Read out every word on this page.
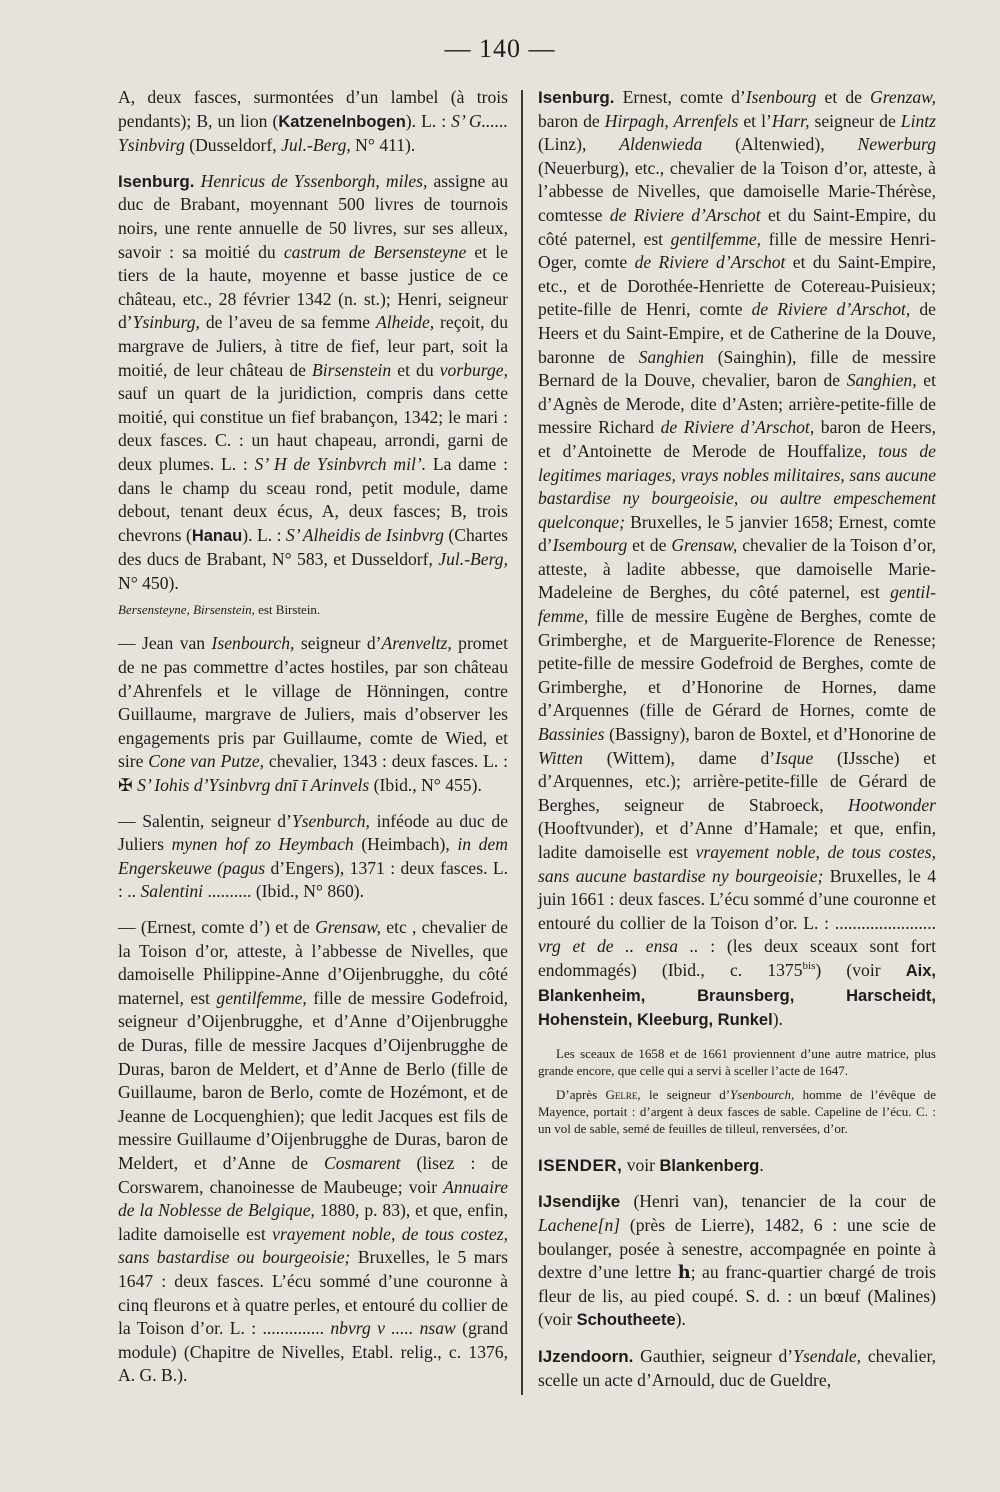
— 140 —

A, deux fasces, surmontées d’un lambel (à trois pendants); B, un lion (Katzenelnbogen). L. : S’ G...... Ysinbvirg (Dusseldorf, Jul.-Berg, N° 411).

Isenburg. Henricus de Yssenborgh, miles, assigne au duc de Brabant, moyennant 500 livres de tournois noirs, une rente annuelle de 50 livres, sur ses alleux, savoir : sa moitié du castrum de Bersensteyne et le tiers de la haute, moyenne et basse justice de ce château, etc., 28 février 1342 (n. st.); Henri, seigneur d’Ysinburg, de l’aveu de sa femme Alheide, reçoit, du margrave de Juliers, à titre de fief, leur part, soit la moitié, de leur château de Birsenstein et du vorburge, sauf un quart de la juridiction, compris dans cette moitié, qui constitue un fief brabançon, 1342; le mari : deux fasces. C. : un haut chapeau, arrondi, garni de deux plumes. L. : S’ H de Ysinbvrch mil’. La dame : dans le champ du sceau rond, petit module, dame debout, tenant deux écus, A, deux fasces; B, trois chevrons (Hanau). L. : S’ Alheidis de Isinbvrg (Chartes des ducs de Brabant, N° 583, et Dusseldorf, Jul.-Berg, N° 450).

Bersensteyne, Birsenstein, est Birstein.

— Jean van Isenbourch, seigneur d’Arenveltz, promet de ne pas commettre d’actes hostiles, par son château d’Ahrenfels et le village de Hönningen, contre Guillaume, margrave de Juliers, mais d’observer les engagements pris par Guillaume, comte de Wied, et sire Cone van Putze, chevalier, 1343 : deux fasces. L. : ✠ S’ Iohis d’Ysinbvrg dnī ī Arinvels (Ibid., N° 455).

— Salentin, seigneur d’Ysenburch, inféode au duc de Juliers mynen hof zo Heymbach (Heimbach), in dem Engerskeuwe (pagus d’Engers), 1371 : deux fasces. L. : .. Salentini .......... (Ibid., N° 860).

— (Ernest, comte d’) et de Grensaw, etc , chevalier de la Toison d’or, atteste, à l’abbesse de Nivelles, que damoiselle Philippine-Anne d’Oijenbrugghe, du côté maternel, est gentilfemme, fille de messire Godefroid, seigneur d’Oijenbrugghe, et d’Anne d’Oijenbrugghe de Duras, fille de messire Jacques d’Oijenbrugghe de Duras, baron de Meldert, et d’Anne de Berlo (fille de Guillaume, baron de Berlo, comte de Hozémont, et de Jeanne de Locquenghien); que ledit Jacques est fils de messire Guillaume d’Oijenbrugghe de Duras, baron de Meldert, et d’Anne de Cosmarent (lisez : de Corswarem, chanoinesse de Maubeuge; voir Annuaire de la Noblesse de Belgique, 1880, p. 83), et que, enfin, ladite damoiselle est vrayement noble, de tous costez, sans bastardise ou bourgeoisie; Bruxelles, le 5 mars 1647 : deux fasces. L’écu sommé d’une couronne à cinq fleurons et à quatre perles, et entouré du collier de la Toison d’or. L. : .............. nbvrg v ..... nsaw (grand module) (Chapitre de Nivelles, Etabl. relig., c. 1376, A. G. B.).

Isenburg. Ernest, comte d’Isenbourg et de Grenzaw, baron de Hirpagh, Arrenfels et l’Harr, seigneur de Lintz (Linz), Aldenwieda (Altenwied), Newerburg (Neuerburg), etc., chevalier de la Toison d’or, atteste, à l’abbesse de Nivelles, que damoiselle Marie-Thérèse, comtesse de Riviere d’Arschot et du Saint-Empire, du côté paternel, est gentilfemme, fille de messire Henri-Oger, comte de Riviere d’Arschot et du Saint-Empire, etc., et de Dorothée-Henriette de Cotereau-Puisieux; petite-fille de Henri, comte de Riviere d’Arschot, de Heers et du Saint-Empire, et de Catherine de la Douve, baronne de Sanghien (Sainghin), fille de messire Bernard de la Douve, chevalier, baron de Sanghien, et d’Agnès de Merode, dite d’Asten; arrière-petite-fille de messire Richard de Riviere d’Arschot, baron de Heers, et d’Antoinette de Merode de Houffalize, tous de legitimes mariages, vrays nobles militaires, sans aucune bastardise ny bourgeoisie, ou aultre empeschement quelconque; Bruxelles, le 5 janvier 1658; Ernest, comte d’Isembourg et de Grensaw, chevalier de la Toison d’or, atteste, à ladite abbesse, que damoiselle Marie-Madeleine de Berghes, du côté paternel, est gentil-femme, fille de messire Eugène de Berghes, comte de Grimberghe, et de Marguerite-Florence de Renesse; petite-fille de messire Godefroid de Berghes, comte de Grimberghe, et d’Honorine de Hornes, dame d’Arquennes (fille de Gérard de Hornes, comte de Bassinies (Bassigny), baron de Boxtel, et d’Honorine de Witten (Wittem), dame d’Isque (IJssche) et d’Arquennes, etc.); arrière-petite-fille de Gérard de Berghes, seigneur de Stabroeck, Hootwonder (Hooftvunder), et d’Anne d’Hamale; et que, enfin, ladite damoiselle est vrayement noble, de tous costes, sans aucune bastardise ny bourgeoisie; Bruxelles, le 4 juin 1661 : deux fasces. L’écu sommé d’une couronne et entouré du collier de la Toison d’or. L. : ....................... vrg et de .. ensa .. : (les deux sceaux sont fort endommagés) (Ibid., c. $1375^{bis}$) (voir Aix, Blankenheim, Braunsberg, Harscheidt, Hohenstein, Kleeburg, Runkel).

Les sceaux de 1658 et de 1661 proviennent d’une autre matrice, plus grande encore, que celle qui a servi à sceller l’acte de 1647.

D’après Gelre, le seigneur d’Ysenbourch, homme de l’évêque de Mayence, portait : d’argent à deux fasces de sable. Capeline de l’écu. C. : un vol de sable, semé de feuilles de tilleul, renversées, d’or.

ISENDER, voir Blankenberg.

IJsendijke (Henri van), tenancier de la cour de Lachene[n] (près de Lierre), 1482, 6 : une scie de boulanger, posée à senestre, accompagnée en pointe à dextre d’une lettre h; au franc-quartier chargé de trois fleur de lis, au pied coupé. S. d. : un bœuf (Malines) (voir Schoutheete).

IJzendoorn. Gauthier, seigneur d’Ysendale, chevalier, scelle un acte d’Arnould, duc de Gueldre,
